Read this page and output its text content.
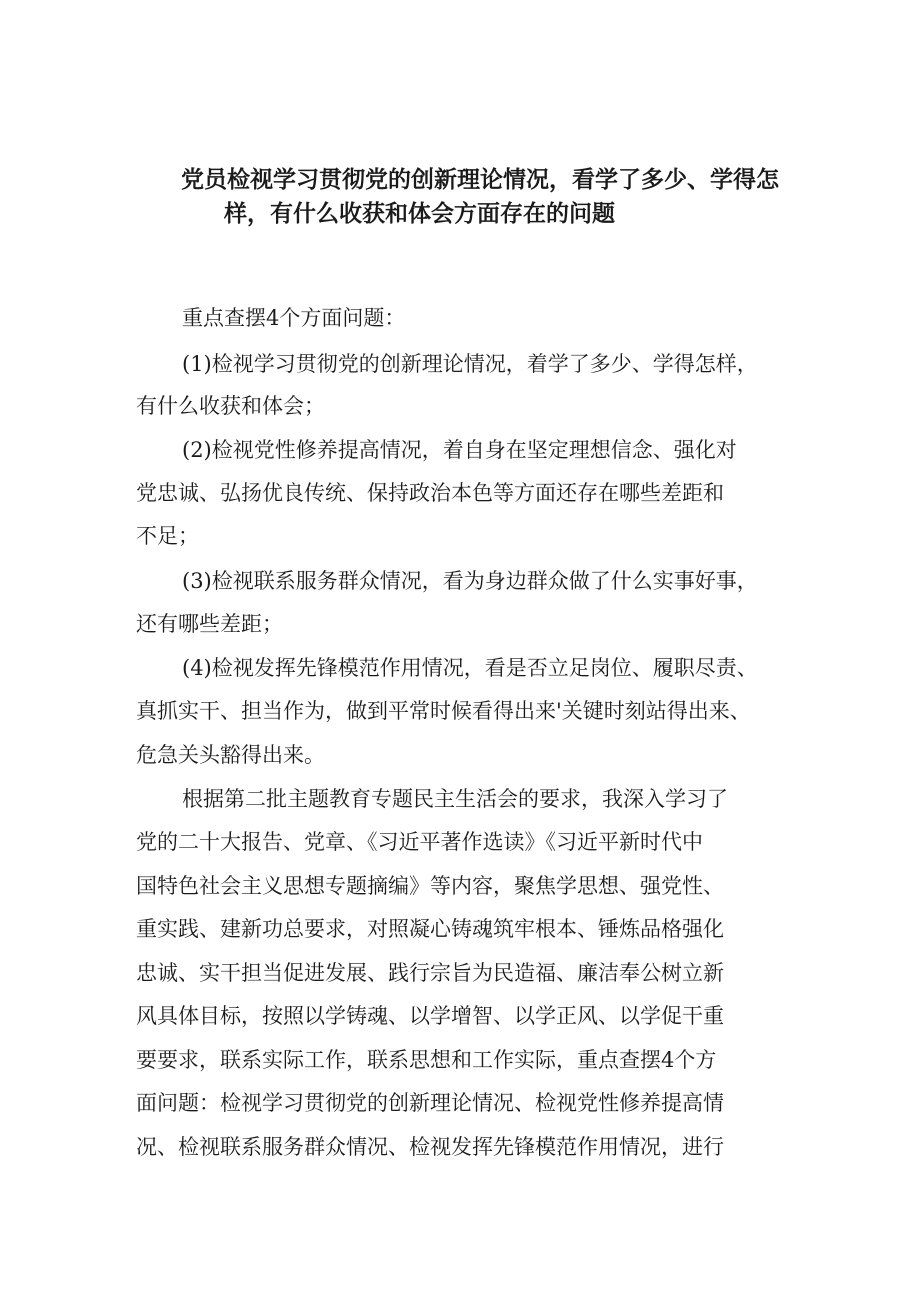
党员检视学习贯彻党的创新理论情况，看学了多少、学得怎
样，有什么收获和体会方面存在的问题

重点查摆4个方面问题：

(1)检视学习贯彻党的创新理论情况，着学了多少、学得怎样，

有什么收获和体会；

(2)检视党性修养提高情况，着自身在坚定理想信念、强化对

党忠诚、弘扬优良传统、保持政治本色等方面还存在哪些差距和

不足；

(3)检视联系服务群众情况，看为身边群众做了什么实事好事，

还有哪些差距；

(4)检视发挥先锋模范作用情况，看是否立足岗位、履职尽责、

真抓实干、担当作为，做到平常时候看得出来'关键时刻站得出来、

危急关头豁得出来。

根据第二批主题教育专题民主生活会的要求，我深入学习了

党的二十大报告、党章、《习近平著作选读》《习近平新时代中

国特色社会主义思想专题摘编》等内容，聚焦学思想、强党性、

重实践、建新功总要求，对照凝心铸魂筑牢根本、锤炼品格强化

忠诚、实干担当促进发展、践行宗旨为民造福、廉洁奉公树立新

风具体目标，按照以学铸魂、以学增智、以学正风、以学促干重

要要求，联系实际工作，联系思想和工作实际，重点查摆4个方

面问题：检视学习贯彻党的创新理论情况、检视党性修养提高情

况、检视联系服务群众情况、检视发挥先锋模范作用情况，进行
